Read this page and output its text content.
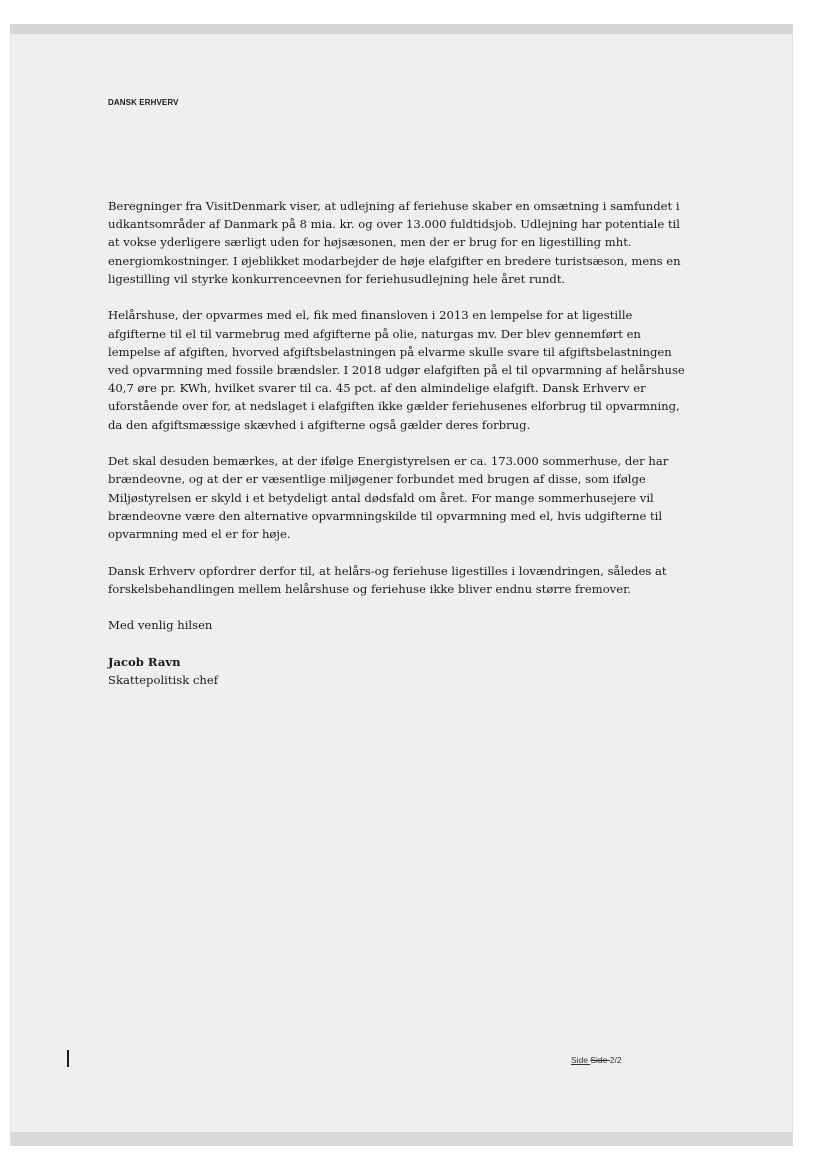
DANSK ERHVERV

Beregninger fra VisitDenmark viser, at udlejning af feriehuse skaber en omsætning i samfundet i udkantsområder af Danmark på 8 mia. kr. og over 13.000 fuldtidsjob. Udlejning har potentiale til at vokse yderligere særligt uden for højsæsonen, men der er brug for en ligestilling mht. energiomkostninger. I øjeblikket modarbejder de høje elafgifter en bredere turistsæson, mens en ligestilling vil styrke konkurrenceevnen for feriehusudlejning hele året rundt.

Helårshuse, der opvarmes med el, fik med finansloven i 2013 en lempelse for at ligestille afgifterne til el til varmebrug med afgifterne på olie, naturgas mv. Der blev gennemført en lempelse af afgiften, hvorved afgiftsbelastningen på elvarme skulle svare til afgiftsbelastningen ved opvarmning med fossile brændsler. I 2018 udgør elafgiften på el til opvarmning af helårshuse 40,7 øre pr. KWh, hvilket svarer til ca. 45 pct. af den almindelige elafgift. Dansk Erhverv er uforstående over for, at nedslaget i elafgiften ikke gælder feriehusenes elforbrug til opvarmning, da den afgiftsmæssige skævhed i afgifterne også gælder deres forbrug.

Det skal desuden bemærkes, at der ifølge Energistyrelsen er ca. 173.000 sommerhuse, der har brændeovne, og at der er væsentlige miljøgener forbundet med brugen af disse, som ifølge Miljøstyrelsen er skyld i et betydeligt antal dødsfald om året. For mange sommerhusejere vil brændeovne være den alternative opvarmningskilde til opvarmning med el, hvis udgifterne til opvarmning med el er for høje.

Dansk Erhverv opfordrer derfor til, at helårs-og feriehuse ligestilles i lovændringen, således at forskelsbehandlingen mellem helårshuse og feriehuse ikke bliver endnu større fremover.

Med venlig hilsen

Jacob Ravn

Skattepolitisk chef

Side Side 2/2
